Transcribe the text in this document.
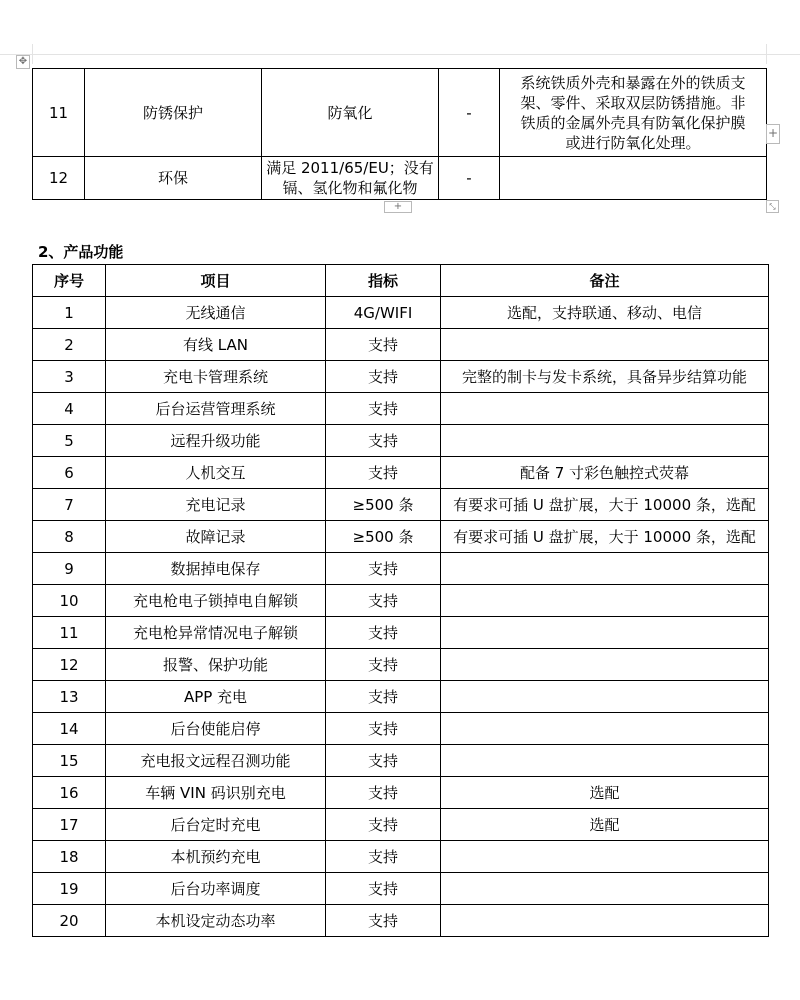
✥
11	防锈保护	防氧化	-	系统铁质外壳和暴露在外的铁质支
架、零件、采取双层防锈措施。非
铁质的金属外壳具有防氧化保护膜
或进行防氧化处理。

12	环保	满足 2011/65/EU；没有
镉、氢化物和氟化物	-	
+
+	⤡
2、产品功能
序号	项目	指标	备注
1	无线通信	4G/WIFI	选配，支持联通、移动、电信
2	有线 LAN	支持	
3	充电卡管理系统	支持	完整的制卡与发卡系统，具备异步结算功能
4	后台运营管理系统	支持	
5	远程升级功能	支持	
6	人机交互	支持	配备 7 寸彩色触控式荧幕
7	充电记录	≥500 条	有要求可插 U 盘扩展，大于 10000 条，选配
8	故障记录	≥500 条	有要求可插 U 盘扩展，大于 10000 条，选配
9	数据掉电保存	支持	
10	充电枪电子锁掉电自解锁	支持	
11	充电枪异常情况电子解锁	支持	
12	报警、保护功能	支持	
13	APP 充电	支持	
14	后台使能启停	支持	
15	充电报文远程召测功能	支持	
16	车辆 VIN 码识别充电	支持	选配
17	后台定时充电	支持	选配
18	本机预约充电	支持	
19	后台功率调度	支持	
20	本机设定动态功率	支持	
